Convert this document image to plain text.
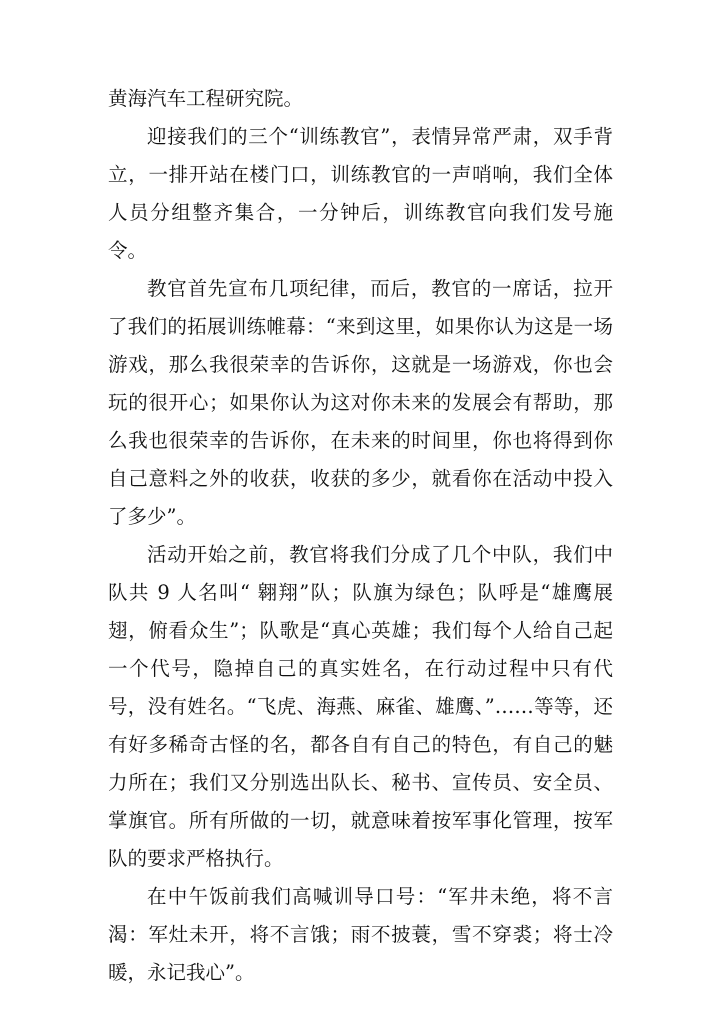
黄海汽车工程研究院。

迎接我们的三个“训练教官”，表情异常严肃，双手背立，一排开站在楼门口，训练教官的一声哨响，我们全体人员分组整齐集合，一分钟后，训练教官向我们发号施令。

教官首先宣布几项纪律，而后，教官的一席话，拉开了我们的拓展训练帷幕：“来到这里，如果你认为这是一场游戏，那么我很荣幸的告诉你，这就是一场游戏，你也会玩的很开心；如果你认为这对你未来的发展会有帮助，那么我也很荣幸的告诉你，在未来的时间里，你也将得到你自己意料之外的收获，收获的多少，就看你在活动中投入了多少”。

活动开始之前，教官将我们分成了几个中队，我们中队共 9 人名叫“ 翱翔”队；队旗为绿色；队呼是“雄鹰展翅，俯看众生”；队歌是“真心英雄；我们每个人给自己起一个代号，隐掉自己的真实姓名，在行动过程中只有代号，没有姓名。“飞虎、海燕、麻雀、雄鹰、”……等等，还有好多稀奇古怪的名，都各自有自己的特色，有自己的魅力所在；我们又分别选出队长、秘书、宣传员、安全员、掌旗官。所有所做的一切，就意味着按军事化管理，按军队的要求严格执行。

在中午饭前我们高喊训导口号：“军井未绝，将不言渴：军灶未开，将不言饿；雨不披蓑，雪不穿裘；将士冷暖，永记我心”。
